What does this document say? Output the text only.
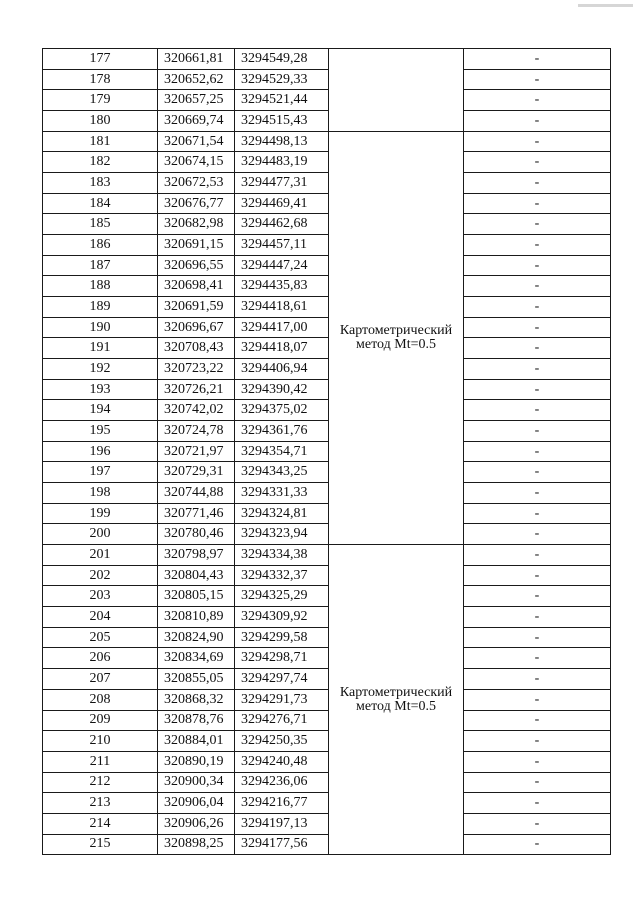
177	320661,81	3294549,28		-
178	320652,62	3294529,33		-
179	320657,25	3294521,44		-
180	320669,74	3294515,43		-
181	320671,54	3294498,13	Картометрический метод Mt=0.5	-
182	320674,15	3294483,19		-
183	320672,53	3294477,31		-
184	320676,77	3294469,41		-
185	320682,98	3294462,68		-
186	320691,15	3294457,11		-
187	320696,55	3294447,24		-
188	320698,41	3294435,83		-
189	320691,59	3294418,61		-
190	320696,67	3294417,00		-
191	320708,43	3294418,07		-
192	320723,22	3294406,94		-
193	320726,21	3294390,42		-
194	320742,02	3294375,02		-
195	320724,78	3294361,76		-
196	320721,97	3294354,71		-
197	320729,31	3294343,25		-
198	320744,88	3294331,33		-
199	320771,46	3294324,81		-
200	320780,46	3294323,94		-
201	320798,97	3294334,38	Картометрический метод Mt=0.5	-
202	320804,43	3294332,37		-
203	320805,15	3294325,29		-
204	320810,89	3294309,92		-
205	320824,90	3294299,58		-
206	320834,69	3294298,71		-
207	320855,05	3294297,74		-
208	320868,32	3294291,73		-
209	320878,76	3294276,71		-
210	320884,01	3294250,35		-
211	320890,19	3294240,48		-
212	320900,34	3294236,06		-
213	320906,04	3294216,77		-
214	320906,26	3294197,13		-
215	320898,25	3294177,56		-
